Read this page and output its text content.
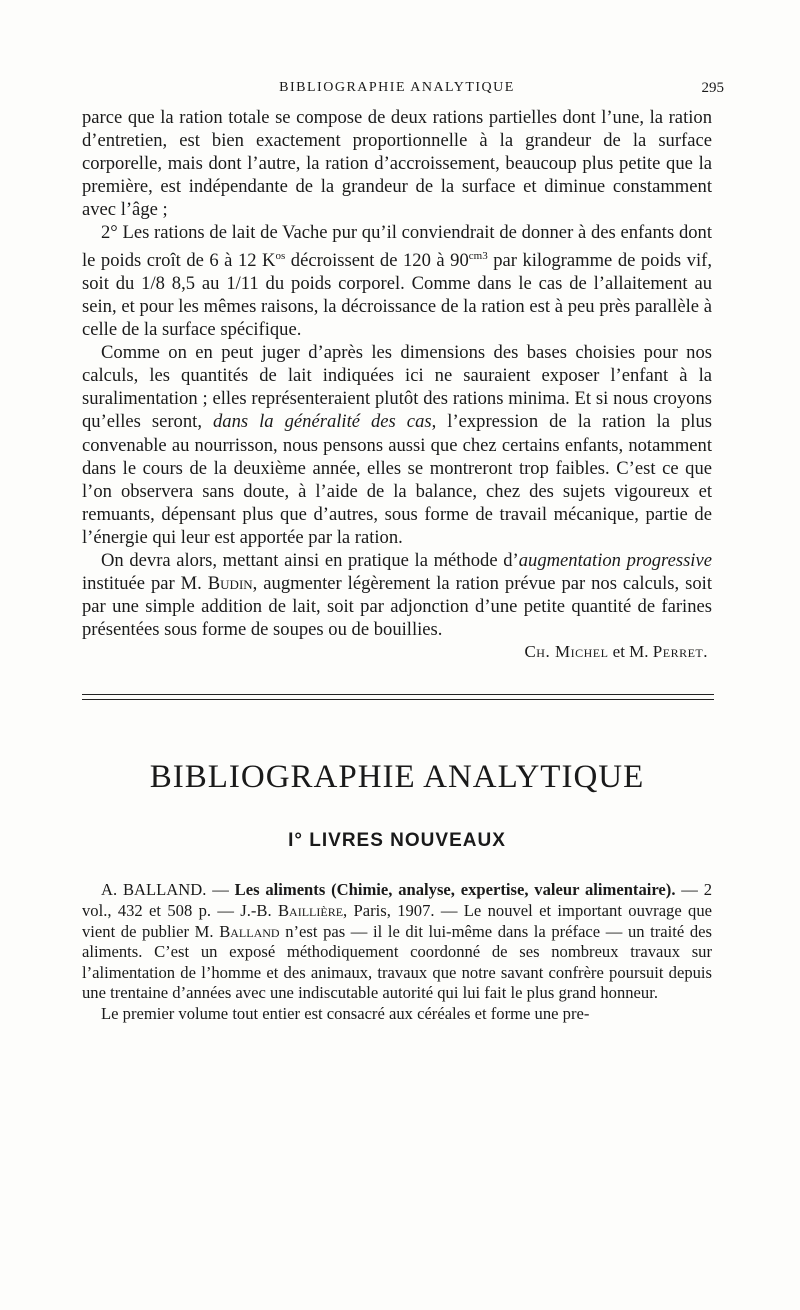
BIBLIOGRAPHIE ANALYTIQUE	295

parce que la ration totale se compose de deux rations partielles dont l’une, la ration d’entretien, est bien exactement proportionnelle à la grandeur de la surface corporelle, mais dont l’autre, la ration d’accroissement, beaucoup plus petite que la première, est indépendante de la grandeur de la surface et diminue constamment avec l’âge ;

2° Les rations de lait de Vache pur qu’il conviendrait de donner à des enfants dont le poids croît de 6 à 12 $K^{os}$ décroissent de 120 à $90^{cm3}$ par kilogramme de poids vif, soit du 1/8 8,5 au 1/11 du poids corporel. Comme dans le cas de l’allaitement au sein, et pour les mêmes raisons, la décroissance de la ration est à peu près parallèle à celle de la surface spécifique.

Comme on en peut juger d’après les dimensions des bases choisies pour nos calculs, les quantités de lait indiquées ici ne sauraient exposer l’enfant à la suralimentation ; elles représenteraient plutôt des rations minima. Et si nous croyons qu’elles seront, dans la généralité des cas, l’expression de la ration la plus convenable au nourrisson, nous pensons aussi que chez certains enfants, notamment dans le cours de la deuxième année, elles se montreront trop faibles. C’est ce que l’on observera sans doute, à l’aide de la balance, chez des sujets vigoureux et remuants, dépensant plus que d’autres, sous forme de travail mécanique, partie de l’énergie qui leur est apportée par la ration.

On devra alors, mettant ainsi en pratique la méthode d’augmentation progressive instituée par M. Budin, augmenter légèrement la ration prévue par nos calculs, soit par une simple addition de lait, soit par adjonction d’une petite quantité de farines présentées sous forme de soupes ou de bouillies.

Ch. Michel et M. Perret.
BIBLIOGRAPHIE ANALYTIQUE
I° LIVRES NOUVEAUX

A. BALLAND. — Les aliments (Chimie, analyse, expertise, valeur alimentaire). — 2 vol., 432 et 508 p. — J.-B. Baillière, Paris, 1907. — Le nouvel et important ouvrage que vient de publier M. Balland n’est pas — il le dit lui-même dans la préface — un traité des aliments. C’est un exposé méthodiquement coordonné de ses nombreux travaux sur l’alimentation de l’homme et des animaux, travaux que notre savant confrère poursuit depuis une trentaine d’années avec une indiscutable autorité qui lui fait le plus grand honneur.

Le premier volume tout entier est consacré aux céréales et forme une pre-
